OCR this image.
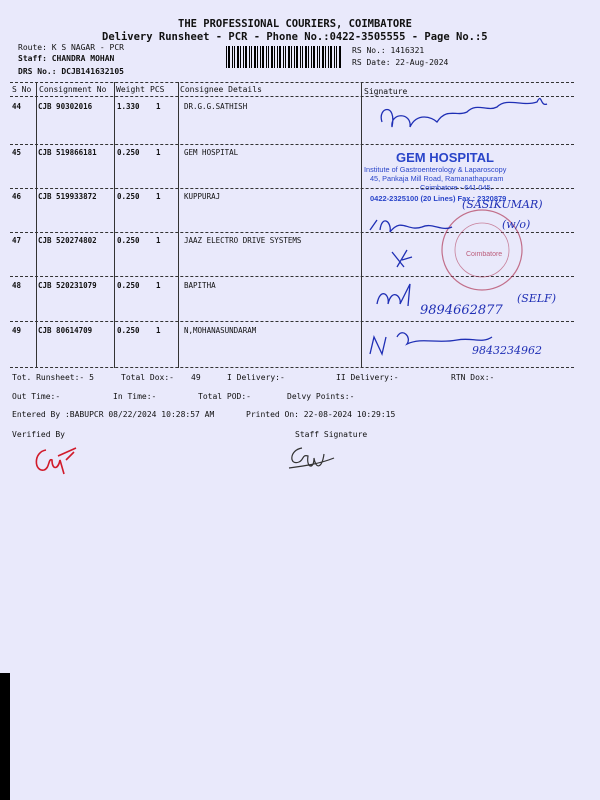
THE PROFESSIONAL COURIERS, COIMBATORE
Delivery Runsheet - PCR - Phone No.:0422-3505555 - Page No.:5
Route: K S NAGAR - PCR
Staff: CHANDRA MOHAN
DRS No.: DCJB141632105
RS No.: 1416321
RS Date: 22-Aug-2024
S No Consignment No Weight PCS Consignee Details	Signature
44 CJB 90302016	1.330 1	DR.G.G.SATHISH
45 CJB 519866181	0.250 1	GEM HOSPITAL
46 CJB 519933872	0.250 1	KUPPURAJ
47 CJB 520274802	0.250 1	JAAZ ELECTRO DRIVE SYSTEMS
48 CJB 520231079	0.250 1	BAPITHA
49 CJB 80614709	0.250 1	N,MOHANASUNDARAM
Coimbatore
(SASIKUMAR)
(w/o)
9894662877
(SELF)
9843234962
GEM HOSPITAL
Institute of Gastroenterology & Laparoscopy
45, Pankaja Mill Road, Ramanathapuram
Coimbatore - 641 045.
0422-2325100 (20 Lines) Fax : 2320879
Tot. Runsheet:- 5	Total Dox:- 49	I Delivery:-	II Delivery:-	RTN Dox:-
Out Time:-	In Time:-	Total POD:-	Delvy Points:-
Entered By :BABUPCR 08/22/2024 10:28:57 AM	Printed On: 22-08-2024 10:29:15
Verified By	Staff Signature
